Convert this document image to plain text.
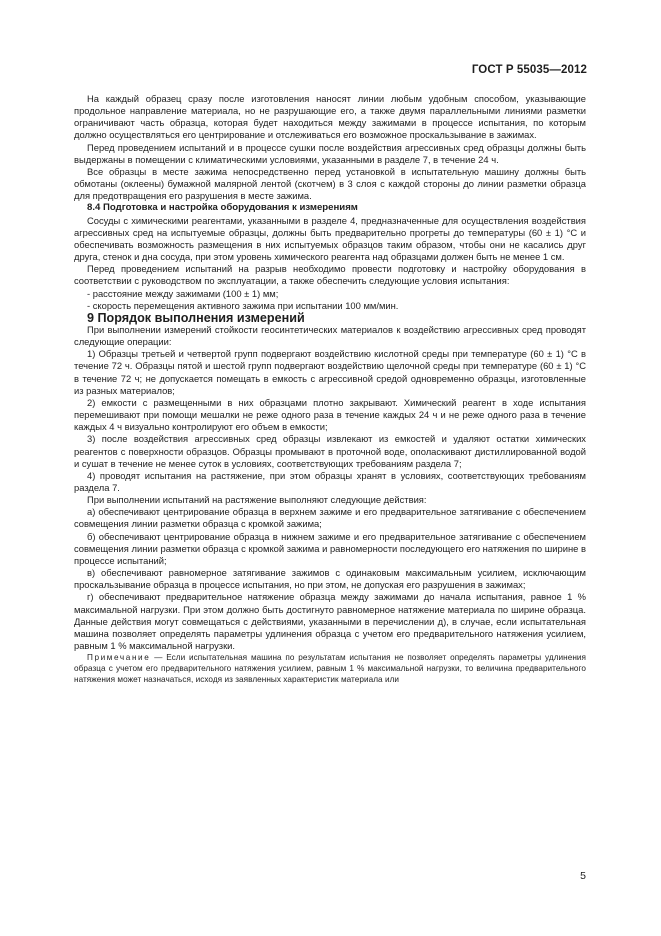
ГОСТ Р 55035—2012

На каждый образец сразу после изготовления наносят линии любым удобным способом, указывающие продольное направление материала, но не разрушающие его, а также двумя параллельными линиями разметки ограничивают часть образца, которая будет находиться между зажимами в процессе испытания, по которым должно осуществляться его центрирование и отслеживаться его возможное проскальзывание в зажимах.

Перед проведением испытаний и в процессе сушки после воздействия агрессивных сред образцы должны быть выдержаны в помещении с климатическими условиями, указанными в разделе 7, в течение 24 ч.

Все образцы в месте зажима непосредственно перед установкой в испытательную машину должны быть обмотаны (оклеены) бумажной малярной лентой (скотчем) в 3 слоя с каждой стороны до линии разметки образца для предотвращения его разрушения в месте зажима.

8.4 Подготовка и настройка оборудования к измерениям

Сосуды с химическими реагентами, указанными в разделе 4, предназначенные для осуществления воздействия агрессивных сред на испытуемые образцы, должны быть предварительно прогреты до температуры (60 ± 1) °С и обеспечивать возможность размещения в них испытуемых образцов таким образом, чтобы они не касались друг друга, стенок и дна сосуда, при этом уровень химического реагента над образцами должен быть не менее 1 см.

Перед проведением испытаний на разрыв необходимо провести подготовку и настройку оборудования в соответствии с руководством по эксплуатации, а также обеспечить следующие условия испытания:

- расстояние между зажимами (100 ± 1) мм;

- скорость перемещения активного зажима при испытании 100 мм/мин.

9 Порядок выполнения измерений

При выполнении измерений стойкости геосинтетических материалов к воздействию агрессивных сред проводят следующие операции:

1) Образцы третьей и четвертой групп подвергают воздействию кислотной среды при температуре (60 ± 1) °С в течение 72 ч. Образцы пятой и шестой групп подвергают воздействию щелочной среды при температуре (60 ± 1) °С в течение 72 ч; не допускается помещать в емкость с агрессивной средой одновременно образцы, изготовленные из разных материалов;

2) емкости с размещенными в них образцами плотно закрывают. Химический реагент в ходе испытания перемешивают при помощи мешалки не реже одного раза в течение каждых 24 ч и не реже одного раза в течение каждых 4 ч визуально контролируют его объем в емкости;

3) после воздействия агрессивных сред образцы извлекают из емкостей и удаляют остатки химических реагентов с поверхности образцов. Образцы промывают в проточной воде, ополаскивают дистиллированной водой и сушат в течение не менее суток в условиях, соответствующих требованиям раздела 7;

4) проводят испытания на растяжение, при этом образцы хранят в условиях, соответствующих требованиям раздела 7.

При выполнении испытаний на растяжение выполняют следующие действия:

а) обеспечивают центрирование образца в верхнем зажиме и его предварительное затягивание с обеспечением совмещения линии разметки образца с кромкой зажима;

б) обеспечивают центрирование образца в нижнем зажиме и его предварительное затягивание с обеспечением совмещения линии разметки образца с кромкой зажима и равномерности последующего его натяжения по ширине в процессе испытаний;

в) обеспечивают равномерное затягивание зажимов с одинаковым максимальным усилием, исключающим проскальзывание образца в процессе испытания, но при этом, не допуская его разрушения в зажимах;

г) обеспечивают предварительное натяжение образца между зажимами до начала испытания, равное 1 % максимальной нагрузки. При этом должно быть достигнуто равномерное натяжение материала по ширине образца. Данные действия могут совмещаться с действиями, указанными в перечислении д), в случае, если испытательная машина позволяет определять параметры удлинения образца с учетом его предварительного натяжения усилием, равным 1 % максимальной нагрузки.

Примечание — Если испытательная машина по результатам испытания не позволяет определять параметры удлинения образца с учетом его предварительного натяжения усилием, равным 1 % максимальной нагрузки, то величина предварительного натяжения может назначаться, исходя из заявленных характеристик материала или

5
